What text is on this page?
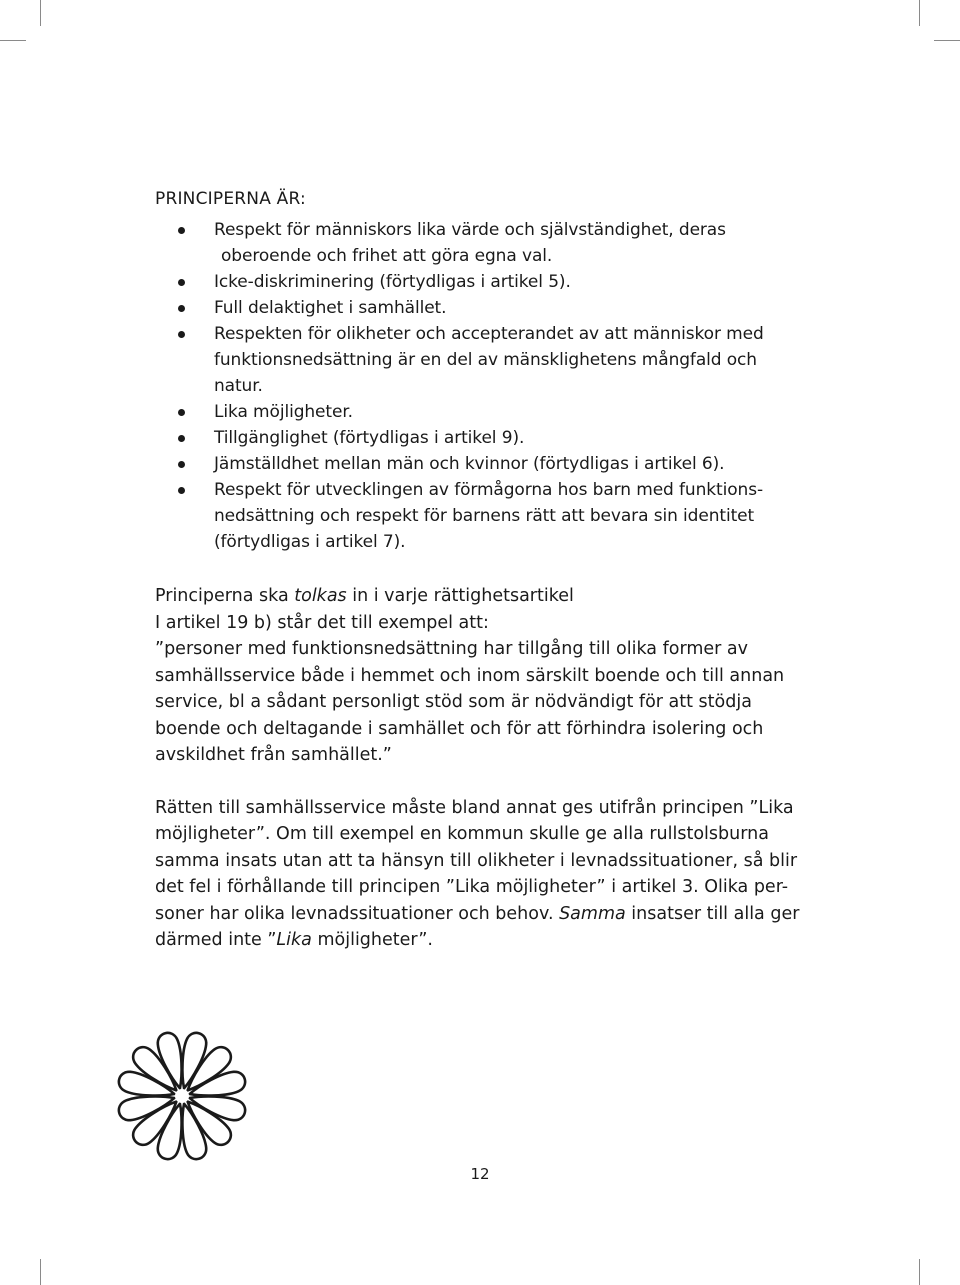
PRINCIPERNA ÄR:

Respekt för människors lika värde och självständighet, deras
oberoende och frihet att göra egna val.
Icke-diskriminering (förtydligas i artikel 5).
Full delaktighet i samhället.
Respekten för olikheter och accepterandet av att människor med
funktionsnedsättning är en del av mänsklighetens mångfald och
natur.
Lika möjligheter.
Tillgänglighet (förtydligas i artikel 9).
Jämställdhet mellan män och kvinnor (förtydligas i artikel 6).
Respekt för utvecklingen av förmågorna hos barn med funktions-
nedsättning och respekt för barnens rätt att bevara sin identitet
(förtydligas i artikel 7).

Principerna ska tolkas in i varje rättighetsartikel

I artikel 19 b) står det till exempel att:

”personer med funktionsnedsättning har tillgång till olika former av
samhällsservice både i hemmet och inom särskilt boende och till annan
service, bl a sådant personligt stöd som är nödvändigt för att stödja
boende och deltagande i samhället och för att förhindra isolering och
avskildhet från samhället.”

Rätten till samhällsservice måste bland annat ges utifrån principen ”Lika
möjligheter”. Om till exempel en kommun skulle ge alla rullstolsburna
samma insats utan att ta hänsyn till olikheter i levnadssituationer, så blir
det fel i förhållande till principen ”Lika möjligheter” i artikel 3. Olika per-
soner har olika levnadssituationer och behov. Samma insatser till alla ger
därmed inte ”Lika möjligheter”.

12
